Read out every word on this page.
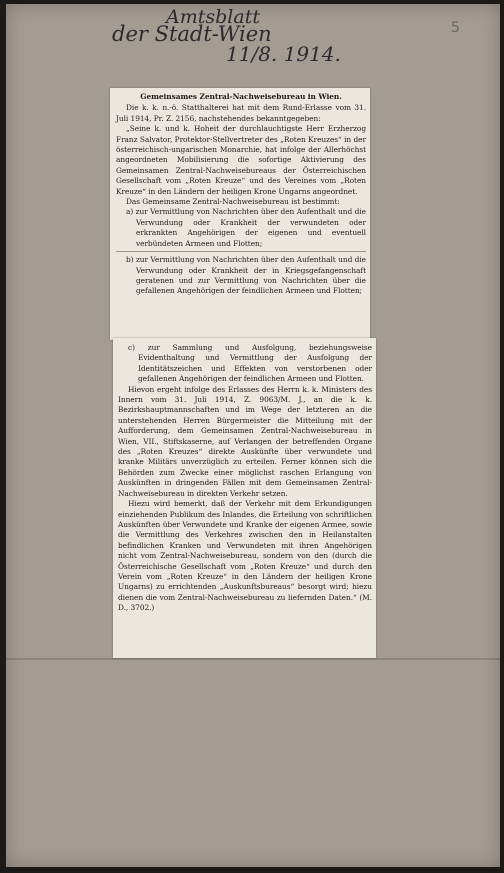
Amtsblatt
der Stadt-Wien
11/8. 1914.
5
Gemeinsames Zentral-Nachweisebureau in Wien.
Die k. k. n.-ö. Statthalterei hat mit dem Rund-Erlasse vom 31. Juli 1914, Pr. Z. 2156, nachstehendes bekanntgegeben:
„Seine k. und k. Hoheit der durchlauchtigste Herr Erzherzog Franz Salvator, Protektor-Stellvertreter des „Roten Kreuzes“ in der österreichisch-ungarischen Monarchie, hat infolge der Allerhöchst angeordneten Mobilisierung die sofortige Aktivierung des Gemeinsamen Zentral-Nachweisebureaus der Österreichischen Gesellschaft vom „Roten Kreuze“ und des Vereines vom „Roten Kreuze“ in den Ländern der heiligen Krone Ungarns angeordnet.
Das Gemeinsame Zentral-Nachweisebureau ist bestimmt:
a) zur Vermittlung von Nachrichten über den Aufenthalt und die Verwundung oder Krankheit der verwundeten oder erkrankten Angehörigen der eigenen und eventuell verbündeten Armeen und Flotten;
b) zur Vermittlung von Nachrichten über den Aufenthalt und die Verwundung oder Krankheit der in Kriegsgefangenschaft geratenen und zur Vermittlung von Nachrichten über die gefallenen Angehörigen der feindlichen Armeen und Flotten;
c) zur Sammlung und Ausfolgung, beziehungsweise Evidenthaltung und Vermittlung der Ausfolgung der Identitätszeichen und Effekten von verstorbenen oder gefallenen Angehörigen der feindlichen Armeen und Flotten.
Hievon ergeht infolge des Erlasses des Herrn k. k. Ministers des Innern vom 31. Juli 1914, Z. 9063/M. J., an die k. k. Bezirkshauptmannschaften und im Wege der letzteren an die unterstehenden Herren Bürgermeister die Mitteilung mit der Aufforderung, dem Gemeinsamen Zentral-Nachweisebureau in Wien, VII., Stiftskaserne, auf Verlangen der betreffenden Organe des „Roten Kreuzes“ direkte Auskünfte über verwundete und kranke Militärs unverzüglich zu erteilen. Ferner können sich die Behörden zum Zwecke einer möglichst raschen Erlangung von Auskünften in dringenden Fällen mit dem Gemeinsamen Zentral-Nachweisebureau in direkten Verkehr setzen.
Hiezu wird bemerkt, daß der Verkehr mit dem Erkundigungen einziehenden Publikum des Inlandes, die Erteilung von schriftlichen Auskünften über Verwundete und Kranke der eigenen Armee, sowie die Vermittlung des Verkehres zwischen den in Heilanstalten befindlichen Kranken und Verwundeten mit ihren Angehörigen nicht vom Zentral-Nachweisebureau, sondern von den (durch die Österreichische Gesellschaft vom „Roten Kreuze“ und durch den Verein vom „Roten Kreuze“ in den Ländern der heiligen Krone Ungarns) zu errichtenden „Auskunftsbureaus“ besorgt wird; hiezu dienen die vom Zentral-Nachweisebureau zu liefernden Daten.“ (M. D., 3702.)
